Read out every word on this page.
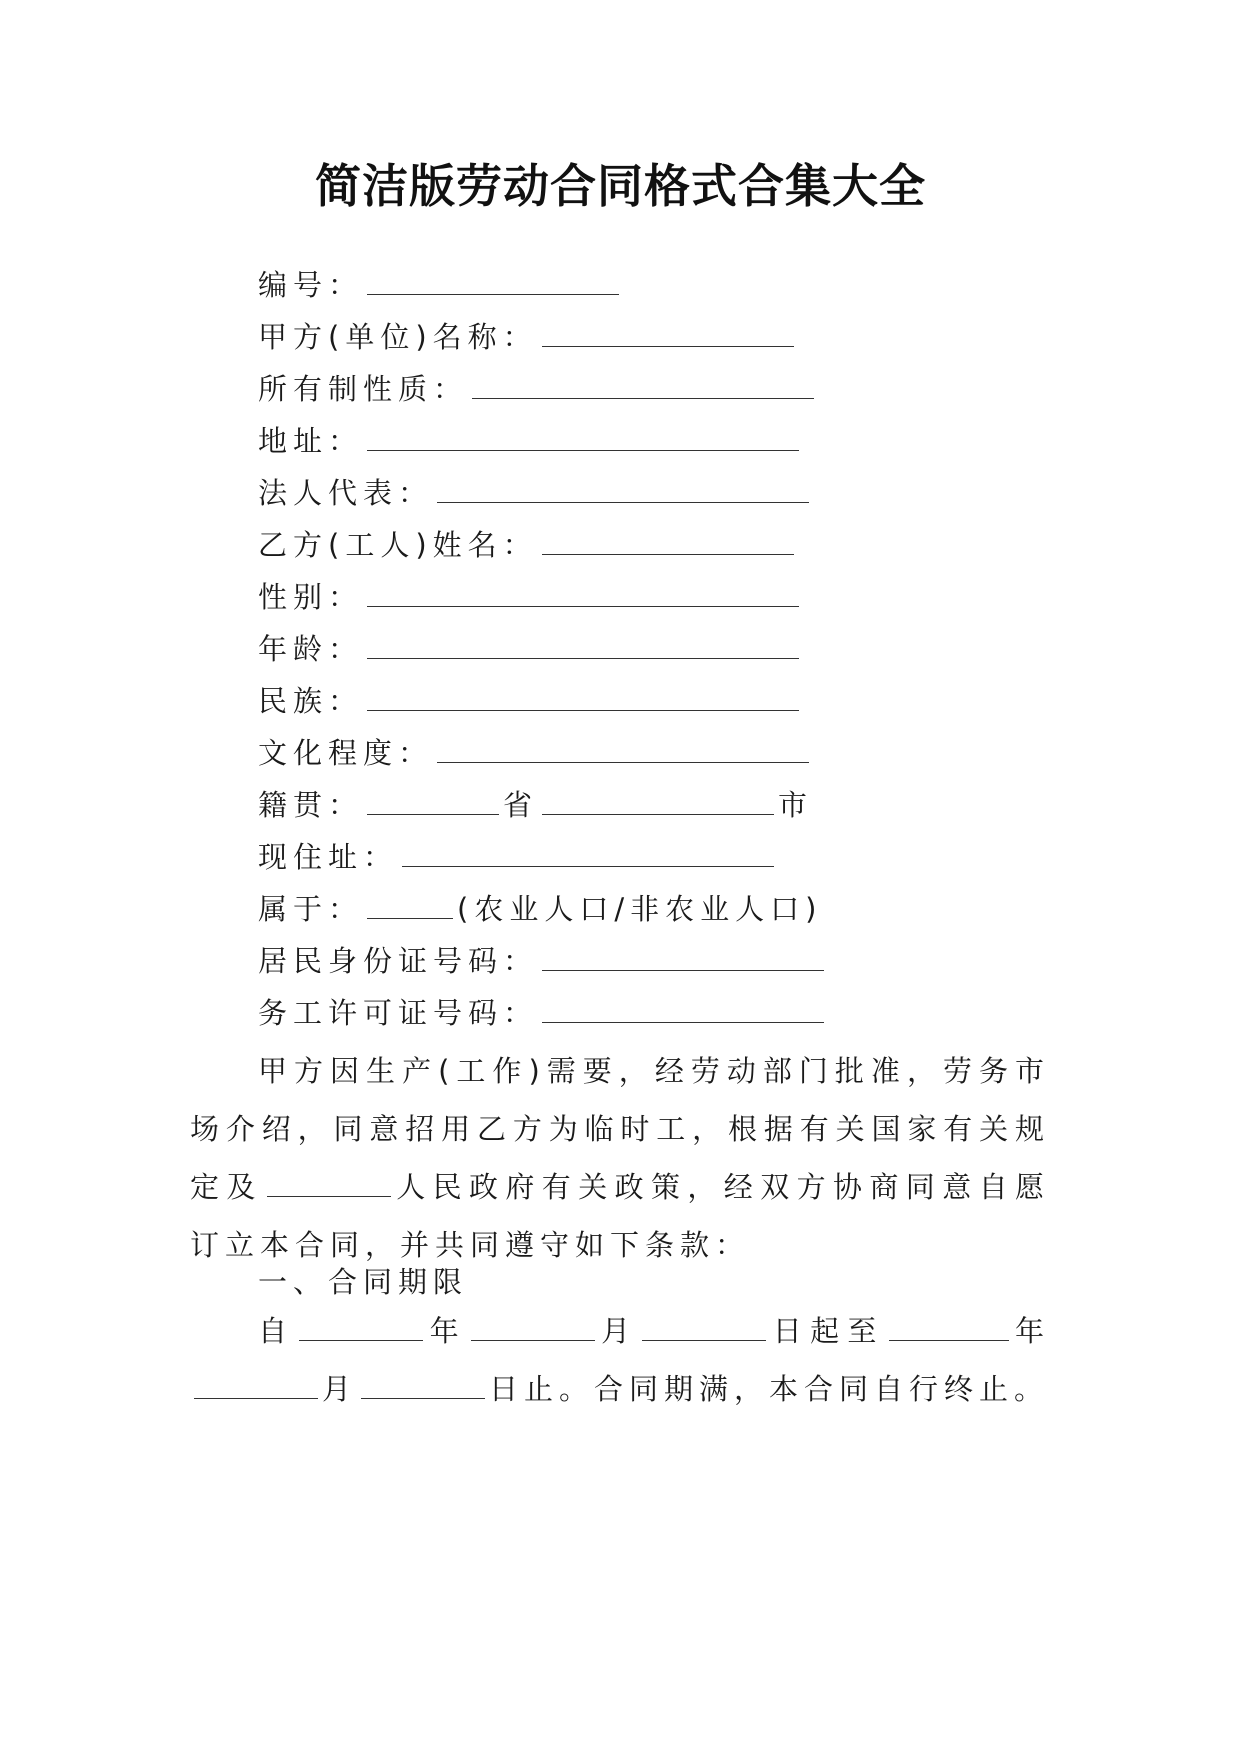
简洁版劳动合同格式合集大全
编号：
甲方(单位)名称：
所有制性质：
地址：
法人代表：
乙方(工人)姓名：
性别：
年龄：
民族：
文化程度：
籍贯：	省	市
现住址：
属于：	(农业人口/非农业人口)
居民身份证号码：
务工许可证号码：
甲方因生产(工作)需要，经劳动部门批准，劳务市场介绍，同意招用乙方为临时工，根据有关国家有关规定及	人民政府有关政策，经双方协商同意自愿订立本合同，并共同遵守如下条款：
一、合同期限
自	年	月	日起至	年月	日止。合同期满，本合同自行终止。
